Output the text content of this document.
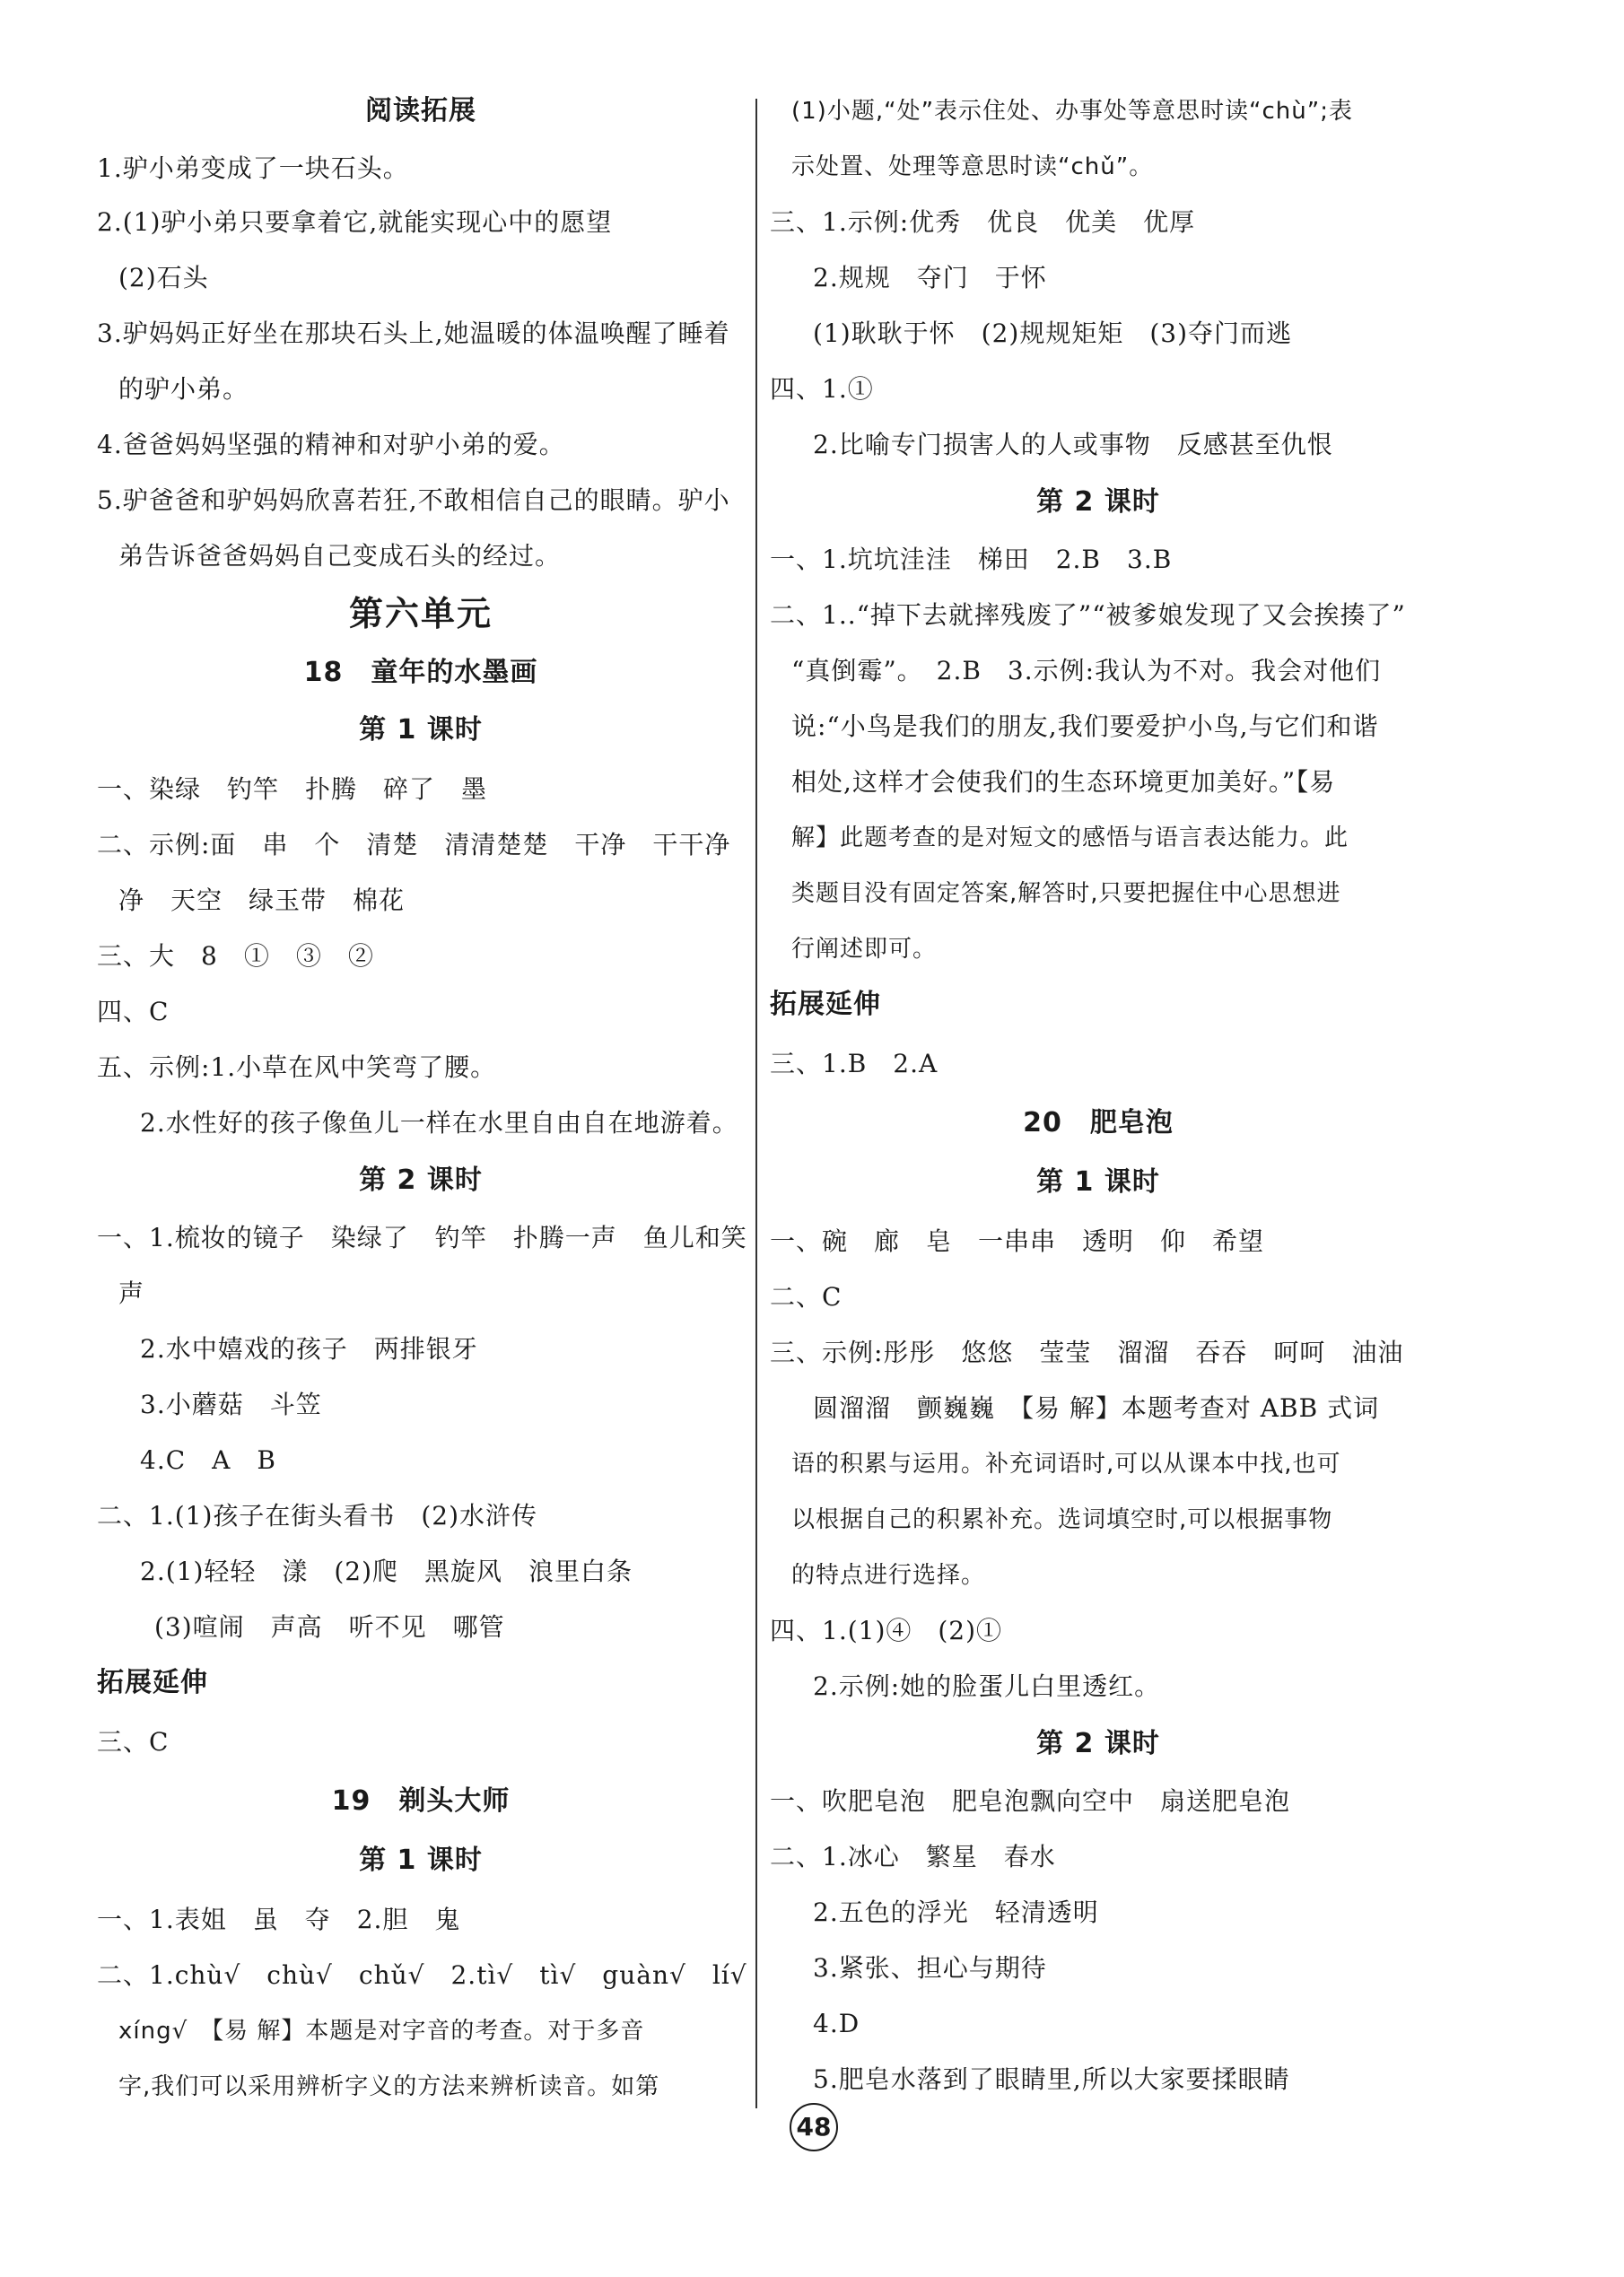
阅读拓展
1.驴小弟变成了一块石头。
2.(1)驴小弟只要拿着它,就能实现心中的愿望
(2)石头
3.驴妈妈正好坐在那块石头上,她温暖的体温唤醒了睡着
的驴小弟。
4.爸爸妈妈坚强的精神和对驴小弟的爱。
5.驴爸爸和驴妈妈欣喜若狂,不敢相信自己的眼睛。驴小
弟告诉爸爸妈妈自己变成石头的经过。
第六单元
18　童年的水墨画
第 1 课时
一、染绿　钓竿　扑腾　碎了　墨
二、示例:面　串　个　清楚　清清楚楚　干净　干干净
净　天空　绿玉带　棉花
三、大　8　①　③　②
四、C
五、示例:1.小草在风中笑弯了腰。
2.水性好的孩子像鱼儿一样在水里自由自在地游着。
第 2 课时
一、1.梳妆的镜子　染绿了　钓竿　扑腾一声　鱼儿和笑
声
2.水中嬉戏的孩子　两排银牙
3.小蘑菇　斗笠
4.C　A　B
二、1.(1)孩子在街头看书　(2)水浒传
2.(1)轻轻　漾　(2)爬　黑旋风　浪里白条
(3)喧闹　声高　听不见　哪管
拓展延伸
三、C
19　剃头大师
第 1 课时
一、1.表姐　虽　夺　2.胆　鬼
二、1.chù√　chù√　chǔ√　2.tì√　tì√　guàn√　lí√
xíng√　【易 解】本题是对字音的考查。对于多音
字,我们可以采用辨析字义的方法来辨析读音。如第
(1)小题,“处”表示住处、办事处等意思时读“chù”;表
示处置、处理等意思时读“chǔ”。
三、1.示例:优秀　优良　优美　优厚
2.规规　夺门　于怀
(1)耿耿于怀　(2)规规矩矩　(3)夺门而逃
四、1.①
2.比喻专门损害人的人或事物　反感甚至仇恨
第 2 课时
一、1.坑坑洼洼　梯田　2.B　3.B
二、1..“掉下去就摔残废了”“被爹娘发现了又会挨揍了”
“真倒霉”。　2.B　3.示例:我认为不对。我会对他们
说:“小鸟是我们的朋友,我们要爱护小鸟,与它们和谐
相处,这样才会使我们的生态环境更加美好。”【易
解】此题考查的是对短文的感悟与语言表达能力。此
类题目没有固定答案,解答时,只要把握住中心思想进
行阐述即可。
拓展延伸
三、1.B　2.A
20　肥皂泡
第 1 课时
一、碗　廊　皂　一串串　透明　仰　希望
二、C
三、示例:彤彤　悠悠　莹莹　溜溜　吞吞　呵呵　油油
圆溜溜　颤巍巍　【易 解】本题考查对 ABB 式词
语的积累与运用。补充词语时,可以从课本中找,也可
以根据自己的积累补充。选词填空时,可以根据事物
的特点进行选择。
四、1.(1)④　(2)①
2.示例:她的脸蛋儿白里透红。
第 2 课时
一、吹肥皂泡　肥皂泡飘向空中　扇送肥皂泡
二、1.冰心　繁星　春水
2.五色的浮光　轻清透明
3.紧张、担心与期待
4.D
5.肥皂水落到了眼睛里,所以大家要揉眼睛
48
